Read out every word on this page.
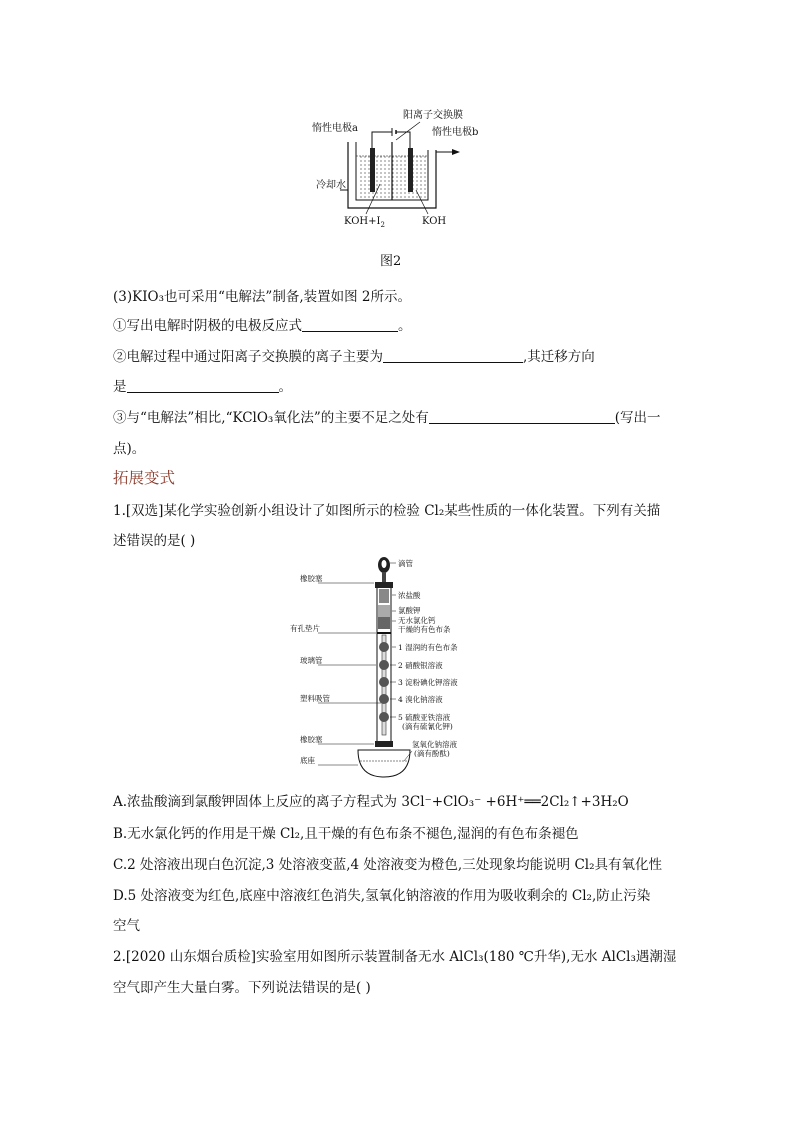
惰性电极a
阳离子交换膜
惰性电极b
冷却水
$KOH+I_2$	KOH
图2
(3)KIO₃也可采用“电解法”制备,装置如图 2所示。
①写出电解时阴极的电极反应式	。
②电解过程中通过阳离子交换膜的离子主要为	,其迁移方向
是	。
③与“电解法”相比,“KClO₃氧化法”的主要不足之处有	(写出一
点)。
拓展变式
1.[双选]某化学实验创新小组设计了如图所示的检验 Cl₂某些性质的一体化装置。下列有关描
述错误的是( )
滴管
浓盐酸
氯酸钾
无水氯化钙
干燥的有色布条
1 湿润的有色布条
2 硝酸银溶液
3 淀粉碘化钾溶液
4 溴化钠溶液
5 硫酸亚铁溶液
(滴有硫氰化钾)
氢氧化钠溶液
(滴有酚酞)
橡胶塞
有孔垫片
玻璃管
塑料吸管
橡胶塞
底座
A.浓盐酸滴到氯酸钾固体上反应的离子方程式为 3Cl⁻+ClO₃⁻ +6H⁺══2Cl₂↑+3H₂O
B.无水氯化钙的作用是干燥 Cl₂,且干燥的有色布条不褪色,湿润的有色布条褪色
C.2 处溶液出现白色沉淀,3 处溶液变蓝,4 处溶液变为橙色,三处现象均能说明 Cl₂具有氧化性
D.5 处溶液变为红色,底座中溶液红色消失,氢氧化钠溶液的作用为吸收剩余的 Cl₂,防止污染
空气
2.[2020 山东烟台质检]实验室用如图所示装置制备无水 AlCl₃(180 ℃升华),无水 AlCl₃遇潮湿
空气即产生大量白雾。下列说法错误的是( )
